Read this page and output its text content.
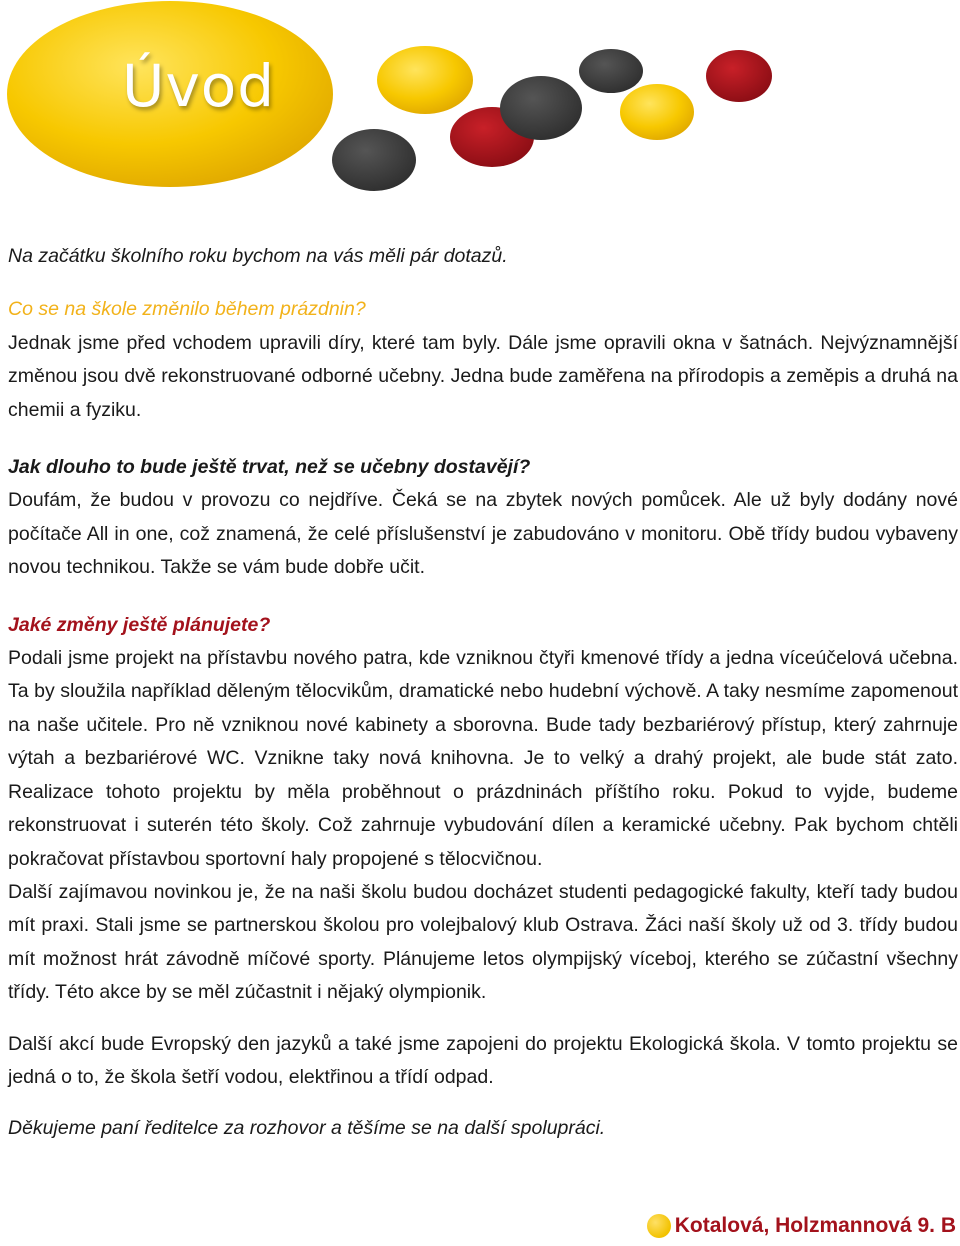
Úvod

Na začátku školního roku bychom na vás měli pár dotazů.

Co se na škole změnilo během prázdnin?

Jednak jsme před vchodem upravili díry, které tam byly. Dále jsme opravili okna v šatnách. Nejvýznamnější změnou jsou dvě rekonstruované odborné učebny. Jedna bude zaměřena na přírodopis a zeměpis a druhá na chemii a fyziku.

Jak dlouho to bude ještě trvat, než se učebny dostavějí?

Doufám, že budou v provozu co nejdříve. Čeká se na zbytek nových pomůcek. Ale už byly dodány nové počítače All in one, což znamená, že celé příslušenství je zabudováno v monitoru. Obě třídy budou vybaveny novou technikou. Takže se vám bude dobře učit.

Jaké změny ještě plánujete?

Podali jsme projekt na přístavbu nového patra, kde vzniknou čtyři kmenové třídy a jedna víceúčelová učebna. Ta by sloužila například děleným tělocvikům, dramatické nebo hudební výchově. A taky nesmíme zapomenout na naše učitele. Pro ně vzniknou nové kabinety a sborovna. Bude tady bezbariérový přístup, který zahrnuje výtah a bezbariérové WC. Vznikne taky nová knihovna. Je to velký a drahý projekt, ale bude stát zato. Realizace tohoto projektu by měla proběhnout o prázdninách příštího roku. Pokud to vyjde, budeme rekonstruovat i suterén této školy. Což zahrnuje vybudování dílen a keramické učebny. Pak bychom chtěli pokračovat přístavbou sportovní haly propojené s tělocvičnou.

Další zajímavou novinkou je, že na naši školu budou docházet studenti pedagogické fakulty, kteří tady budou mít praxi. Stali jsme se partnerskou školou pro volejbalový klub Ostrava. Žáci naší školy už od 3. třídy budou mít možnost hrát závodně míčové sporty. Plánujeme letos olympijský víceboj, kterého se zúčastní všechny třídy. Této akce by se měl zúčastnit i nějaký olympionik.

Další akcí bude Evropský den jazyků a také jsme zapojeni do projektu Ekologická škola. V tomto projektu se jedná o to, že škola šetří vodou, elektřinou a třídí odpad.

Děkujeme paní ředitelce za rozhovor a těšíme se na další spolupráci.

Kotalová, Holzmannová 9. B
